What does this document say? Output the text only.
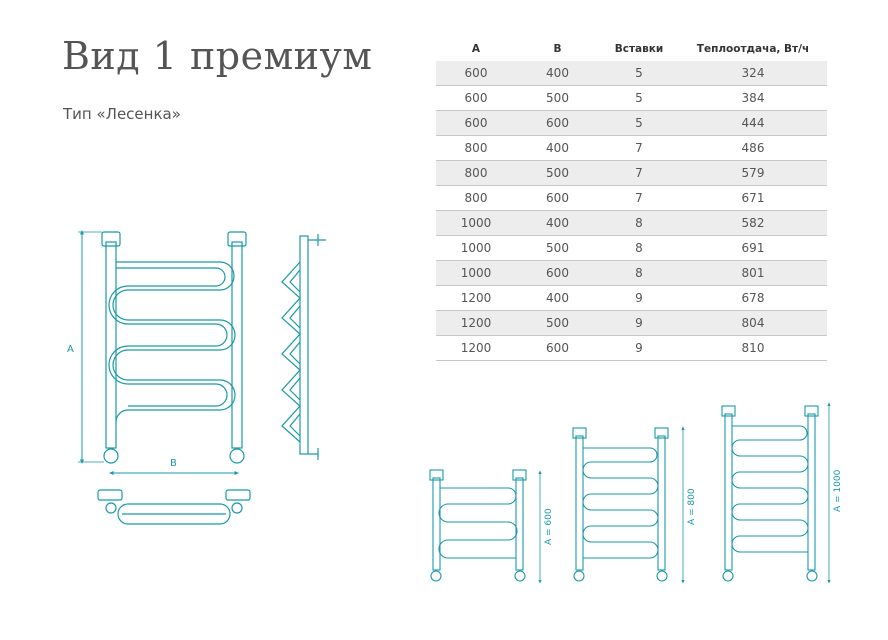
Вид 1 премиум

Тип «Лесенка»

A	B	Вставки	Теплоотдача, Вт/ч
600	400	5	324
600	500	5	384
600	600	5	444
800	400	7	486
800	500	7	579
800	600	7	671
1000	400	8	582
1000	500	8	691
1000	600	8	801
1200	400	9	678
1200	500	9	804
1200	600	9	810
A
B
A = 600
A = 800	A = 1000
